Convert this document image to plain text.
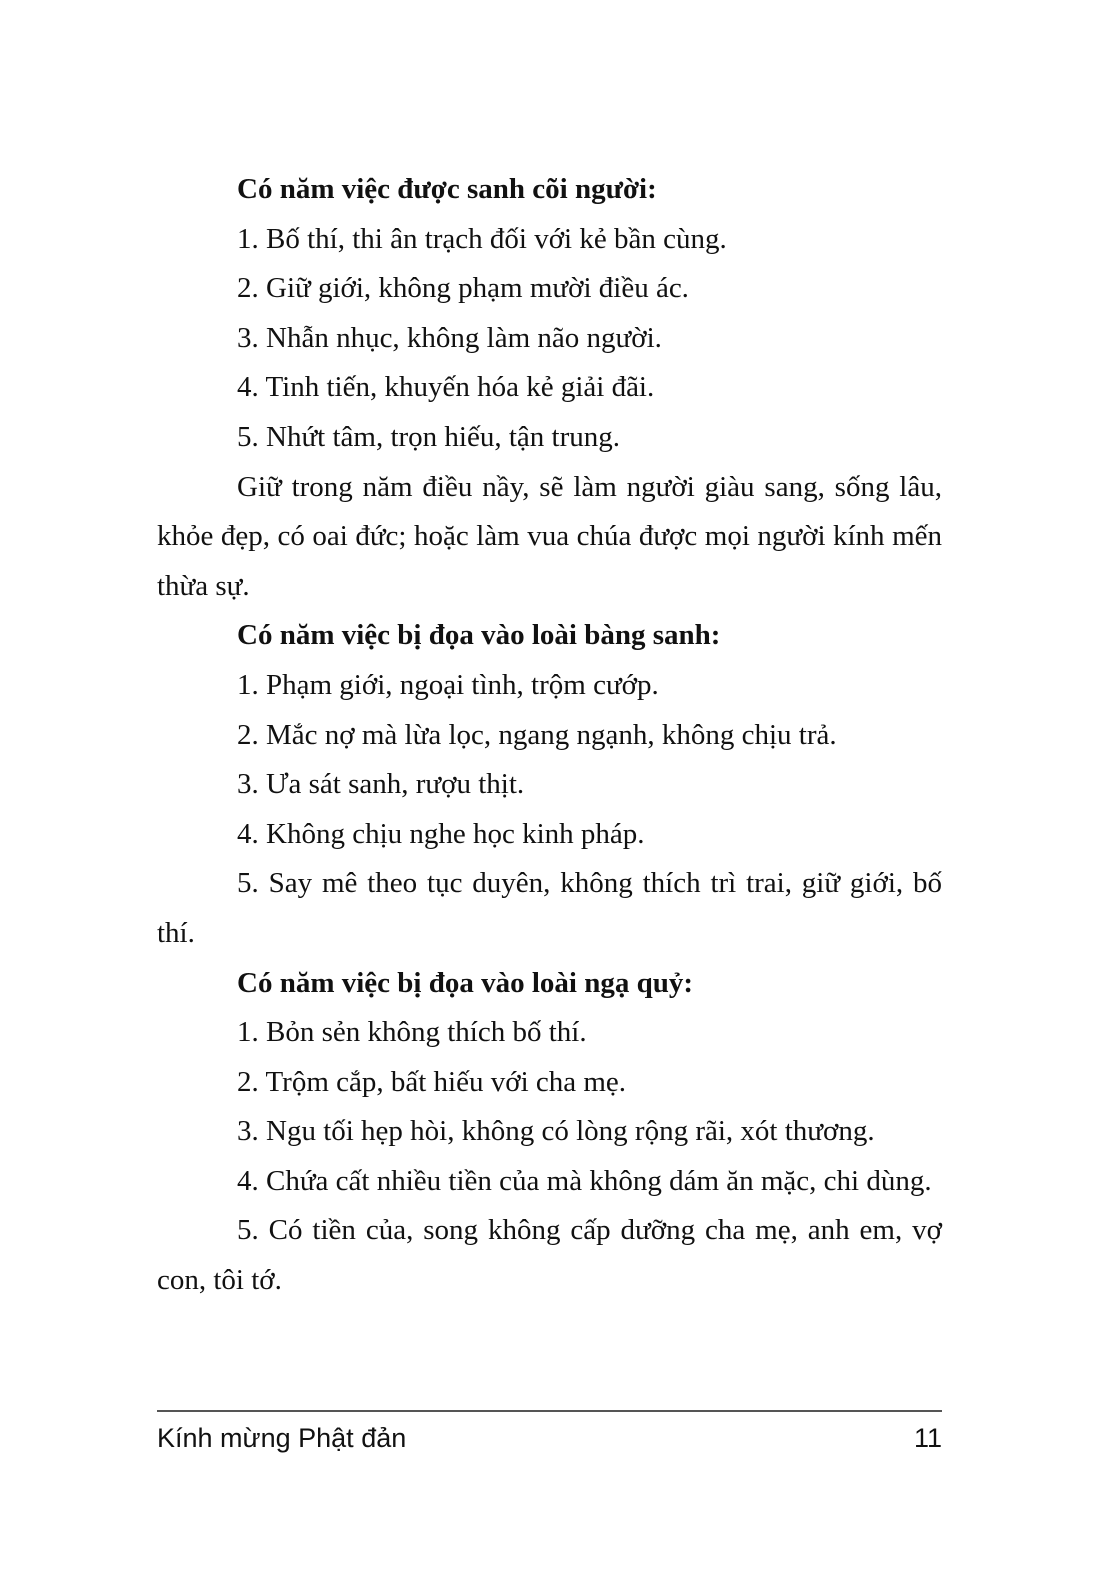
Có năm việc được sanh cõi người:

1. Bố thí, thi ân trạch đối với kẻ bần cùng.

2. Giữ giới, không phạm mười điều ác.

3. Nhẫn nhục, không làm não người.

4. Tinh tiến, khuyến hóa kẻ giải đãi.

5. Nhứt tâm, trọn hiếu, tận trung.

Giữ trong năm điều nầy, sẽ làm người giàu sang, sống lâu, khỏe đẹp, có oai đức; hoặc làm vua chúa được mọi người kính mến thừa sự.

Có năm việc bị đọa vào loài bàng sanh:

1. Phạm giới, ngoại tình, trộm cướp.

2. Mắc nợ mà lừa lọc, ngang ngạnh, không chịu trả.

3. Ưa sát sanh, rượu thịt.

4. Không chịu nghe học kinh pháp.

5. Say mê theo tục duyên, không thích trì trai, giữ giới, bố thí.

Có năm việc bị đọa vào loài ngạ quỷ:

1. Bỏn sẻn không thích bố thí.

2. Trộm cắp, bất hiếu với cha mẹ.

3. Ngu tối hẹp hòi, không có lòng rộng rãi, xót thương.

4. Chứa cất nhiều tiền của mà không dám ăn mặc, chi dùng.

5. Có tiền của, song không cấp dưỡng cha mẹ, anh em, vợ con, tôi tớ.

Kính mừng Phật đản	11
